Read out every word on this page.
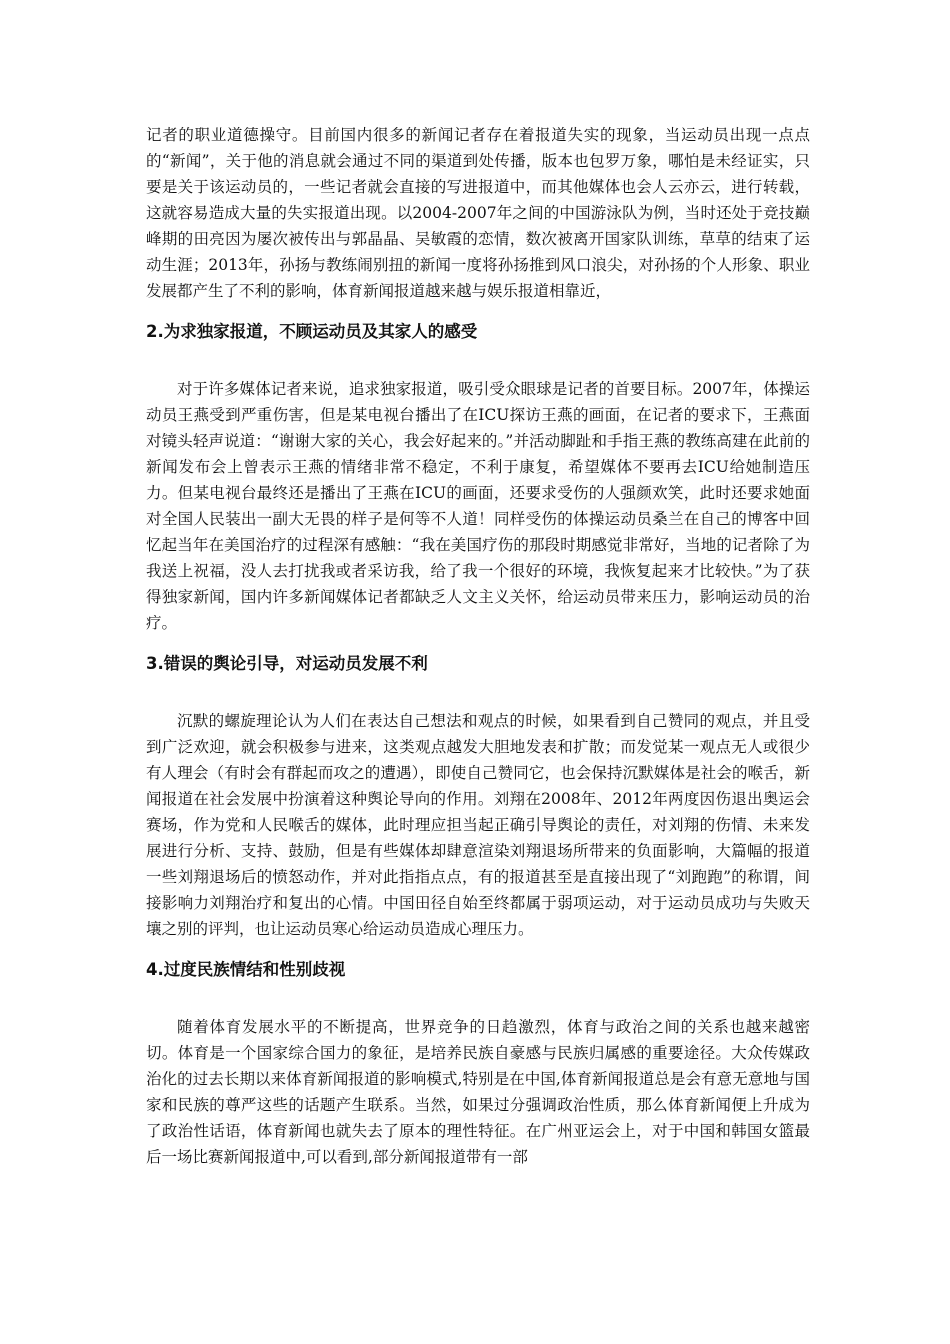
记者的职业道德操守。目前国内很多的新闻记者存在着报道失实的现象，当运动员出现一点点的“新闻”，关于他的消息就会通过不同的渠道到处传播，版本也包罗万象，哪怕是未经证实，只要是关于该运动员的，一些记者就会直接的写进报道中，而其他媒体也会人云亦云，进行转载，这就容易造成大量的失实报道出现。以2004-2007年之间的中国游泳队为例，当时还处于竞技巅峰期的田亮因为屡次被传出与郭晶晶、吴敏霞的恋情，数次被离开国家队训练，草草的结束了运动生涯；2013年，孙扬与教练闹别扭的新闻一度将孙扬推到风口浪尖，对孙扬的个人形象、职业发展都产生了不利的影响，体育新闻报道越来越与娱乐报道相靠近，

2.为求独家报道，不顾运动员及其家人的感受

对于许多媒体记者来说，追求独家报道，吸引受众眼球是记者的首要目标。2007年，体操运动员王燕受到严重伤害，但是某电视台播出了在ICU探访王燕的画面，在记者的要求下，王燕面对镜头轻声说道：“谢谢大家的关心，我会好起来的。”并活动脚趾和手指王燕的教练高建在此前的新闻发布会上曾表示王燕的情绪非常不稳定，不利于康复，希望媒体不要再去ICU给她制造压力。但某电视台最终还是播出了王燕在ICU的画面，还要求受伤的人强颜欢笑，此时还要求她面对全国人民装出一副大无畏的样子是何等不人道！同样受伤的体操运动员桑兰在自己的博客中回忆起当年在美国治疗的过程深有感触：“我在美国疗伤的那段时期感觉非常好，当地的记者除了为我送上祝福，没人去打扰我或者采访我，给了我一个很好的环境，我恢复起来才比较快。”为了获得独家新闻，国内许多新闻媒体记者都缺乏人文主义关怀，给运动员带来压力，影响运动员的治疗。

3.错误的舆论引导，对运动员发展不利

沉默的螺旋理论认为人们在表达自己想法和观点的时候，如果看到自己赞同的观点，并且受到广泛欢迎，就会积极参与进来，这类观点越发大胆地发表和扩散；而发觉某一观点无人或很少有人理会（有时会有群起而攻之的遭遇），即使自己赞同它，也会保持沉默媒体是社会的喉舌，新闻报道在社会发展中扮演着这种舆论导向的作用。刘翔在2008年、2012年两度因伤退出奥运会赛场，作为党和人民喉舌的媒体，此时理应担当起正确引导舆论的责任，对刘翔的伤情、未来发展进行分析、支持、鼓励，但是有些媒体却肆意渲染刘翔退场所带来的负面影响，大篇幅的报道一些刘翔退场后的愤怒动作，并对此指指点点，有的报道甚至是直接出现了“刘跑跑”的称谓，间接影响力刘翔治疗和复出的心情。中国田径自始至终都属于弱项运动，对于运动员成功与失败天壤之别的评判，也让运动员寒心给运动员造成心理压力。

4.过度民族情结和性别歧视

随着体育发展水平的不断提高，世界竞争的日趋激烈，体育与政治之间的关系也越来越密切。体育是一个国家综合国力的象征，是培养民族自豪感与民族归属感的重要途径。大众传媒政治化的过去长期以来体育新闻报道的影响模式,特别是在中国,体育新闻报道总是会有意无意地与国家和民族的尊严这些的话题产生联系。当然，如果过分强调政治性质，那么体育新闻便上升成为了政治性话语，体育新闻也就失去了原本的理性特征。在广州亚运会上，对于中国和韩国女篮最后一场比赛新闻报道中,可以看到,部分新闻报道带有一部
